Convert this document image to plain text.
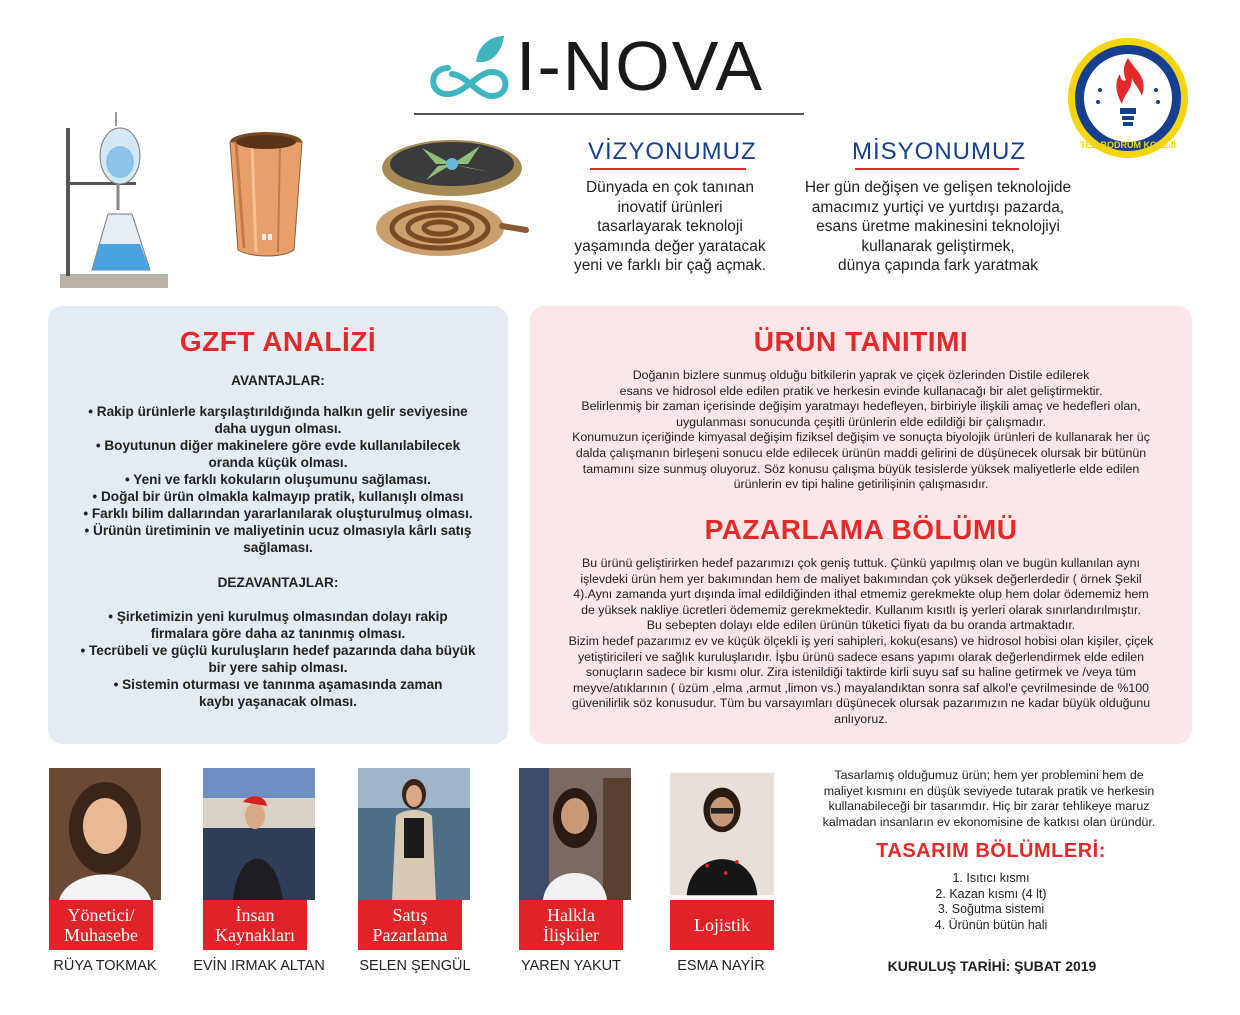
I-NOVA
TED BODRUM KOLEJİ
VİZYONUMUZ
Dünyada en çok tanınan
inovatif ürünleri
tasarlayarak teknoloji
yaşamında değer yaratacak
yeni ve farklı bir çağ açmak.
MİSYONUMUZ
Her gün değişen ve gelişen teknolojide
amacımız yurtiçi ve yurtdışı pazarda,
esans üretme makinesini teknolojiyi
kullanarak geliştirmek,
dünya çapında fark yaratmak
GZFT ANALİZİ
AVANTAJLAR:
• Rakip ürünlerle karşılaştırıldığında halkın gelir seviyesine
daha uygun olması.
• Boyutunun diğer makinelere göre evde kullanılabilecek
oranda küçük olması.
• Yeni ve farklı kokuların oluşumunu sağlaması.
• Doğal bir ürün olmakla kalmayıp pratik, kullanışlı olması
• Farklı bilim dallarından yararlanılarak oluşturulmuş olması.
• Ürünün üretiminin ve maliyetinin ucuz olmasıyla kârlı satış
sağlaması.
DEZAVANTAJLAR:
• Şirketimizin yeni kurulmuş olmasından dolayı rakip
firmalara göre daha az tanınmış olması.
• Tecrübeli ve güçlü kuruluşların hedef pazarında daha büyük
bir yere sahip olması.
• Sistemin oturması ve tanınma aşamasında zaman
kaybı yaşanacak olması.
ÜRÜN TANITIMI
Doğanın bizlere sunmuş olduğu bitkilerin yaprak ve çiçek özlerinden Distile edilerek
esans ve hidrosol elde edilen pratik ve herkesin evinde kullanacağı bir alet geliştirmektir.
Belirlenmiş bir zaman içerisinde değişim yaratmayı hedefleyen, birbiriyle ilişkili amaç ve hedefleri olan,
uygulanması sonucunda çeşitli ürünlerin elde edildiği bir çalışmadır.
Konumuzun içeriğinde kimyasal değişim fiziksel değişim ve sonuçta biyolojik ürünleri de kullanarak her üç
dalda çalışmanın birleşeni sonucu elde edilecek ürünün maddi gelirini de düşünecek olursak bir bütünün
tamamını size sunmuş oluyoruz. Söz konusu çalışma büyük tesislerde yüksek maliyetlerle elde edilen
ürünlerin ev tipi haline getirilişinin çalışmasıdır.
PAZARLAMA BÖLÜMÜ
Bu ürünü geliştirirken hedef pazarımızı çok geniş tuttuk. Çünkü yapılmış olan ve bugün kullanılan aynı
işlevdeki ürün hem yer bakımından hem de maliyet bakımından çok yüksek değerlerdedir ( örnek Şekil
4).Aynı zamanda yurt dışında imal edildiğinden ithal etmemiz gerekmekte olup hem dolar ödememiz hem
de yüksek nakliye ücretleri ödememiz gerekmektedir. Kullanım kısıtlı iş yerleri olarak sınırlandırılmıştır.
Bu sebepten dolayı elde edilen ürünün tüketici fiyatı da bu oranda artmaktadır.
Bizim hedef pazarımız ev ve küçük ölçekli iş yeri sahipleri, koku(esans) ve hidrosol hobisi olan kişiler, çiçek
yetiştiricileri ve sağlık kuruluşlarıdır. İşbu ürünü sadece esans yapımı olarak değerlendirmek elde edilen
sonuçların sadece bir kısmı olur. Zira istenildiği taktirde kirli suyu saf su haline getirmek ve /veya tüm
meyve/atıklarının ( üzüm ,elma ,armut ,limon vs.) mayalandıktan sonra saf alkol'e çevrilmesinde de %100
güvenilirlik söz konusudur. Tüm bu varsayımları düşünecek olursak pazarımızın ne kadar büyük olduğunu
anlıyoruz.
Yönetici/
Muhasebe
İnsan
Kaynakları
Satış
Pazarlama
Halkla
İlişkiler	Lojistik
RÜYA TOKMAK	EVİN IRMAK ALTAN	SELEN ŞENGÜL	YAREN YAKUT	ESMA NAYİR
Tasarlamış olduğumuz ürün; hem yer problemini hem de
maliyet kısmını en düşük seviyede tutarak pratik ve herkesin
kullanabileceği bir tasarımdır. Hiç bir zarar tehlikeye maruz
kalmadan insanların ev ekonomisine de katkısı olan üründür.
TASARIM BÖLÜMLERİ:
1. Isıtıcı kısmı
2. Kazan kısmı (4 lt)
3. Soğutma sistemi
4. Ürünün bütün hali
KURULUŞ TARİHİ: ŞUBAT 2019
